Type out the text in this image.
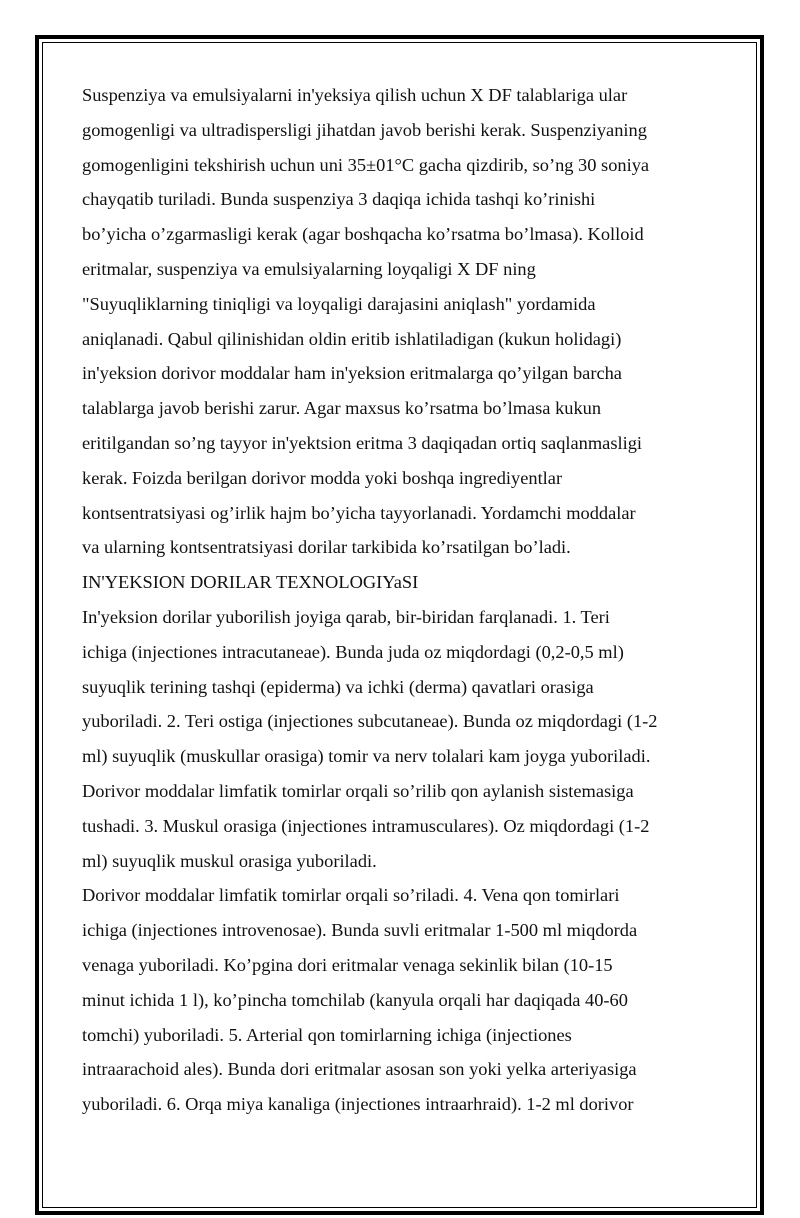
Suspenziya va emulsiyalarni in'yeksiya qilish uchun X DF talablariga ular
gomogenligi va ultradispersligi jihatdan javob berishi kerak. Suspenziyaning
gomogenligini tekshirish uchun uni 35±01°C gacha qizdirib, so’ng 30 soniya
chayqatib turiladi. Bunda suspenziya 3 daqiqa ichida tashqi ko’rinishi
bo’yicha o’zgarmasligi kerak (agar boshqacha ko’rsatma bo’lmasa). Kolloid
eritmalar, suspenziya va emulsiyalarning loyqaligi X DF ning
"Suyuqliklarning tiniqligi va loyqaligi darajasini aniqlash" yordamida
aniqlanadi. Qabul qilinishidan oldin eritib ishlatiladigan (kukun holidagi)
in'yeksion dorivor moddalar ham in'yeksion eritmalarga qo’yilgan barcha
talablarga javob berishi zarur. Agar maxsus ko’rsatma bo’lmasa kukun
eritilgandan so’ng tayyor in'yektsion eritma 3 daqiqadan ortiq saqlanmasligi
kerak. Foizda berilgan dorivor modda yoki boshqa ingrediyentlar
kontsentratsiyasi og’irlik hajm bo’yicha tayyorlanadi. Yordamchi moddalar
va ularning kontsentratsiyasi dorilar tarkibida ko’rsatilgan bo’ladi.
IN'YEKSION DORILAR TEXNOLOGIYaSI
In'yeksion dorilar yuborilish joyiga qarab, bir-biridan farqlanadi. 1. Teri
ichiga (injectiones intracutaneae). Bunda juda oz miqdordagi (0,2-0,5 ml)
suyuqlik terining tashqi (epiderma) va ichki (derma) qavatlari orasiga
yuboriladi. 2. Teri ostiga (injectiones subcutaneae). Bunda oz miqdordagi (1-2
ml) suyuqlik (muskullar orasiga) tomir va nerv tolalari kam joyga yuboriladi.
Dorivor moddalar limfatik tomirlar orqali so’rilib qon aylanish sistemasiga
tushadi. 3. Muskul orasiga (injectiones intramusculares). Oz miqdordagi (1-2
ml) suyuqlik muskul orasiga yuboriladi.
Dorivor moddalar limfatik tomirlar orqali so’riladi. 4. Vena qon tomirlari
ichiga (injectiones introvenosae). Bunda suvli eritmalar 1-500 ml miqdorda
venaga yuboriladi. Ko’pgina dori eritmalar venaga sekinlik bilan (10-15
minut ichida 1 l), ko’pincha tomchilab (kanyula orqali har daqiqada 40-60
tomchi) yuboriladi. 5. Arterial qon tomirlarning ichiga (injectiones
intraarachoid ales). Bunda dori eritmalar asosan son yoki yelka arteriyasiga
yuboriladi. 6. Orqa miya kanaliga (injectiones intraarhraid). 1-2 ml dorivor
